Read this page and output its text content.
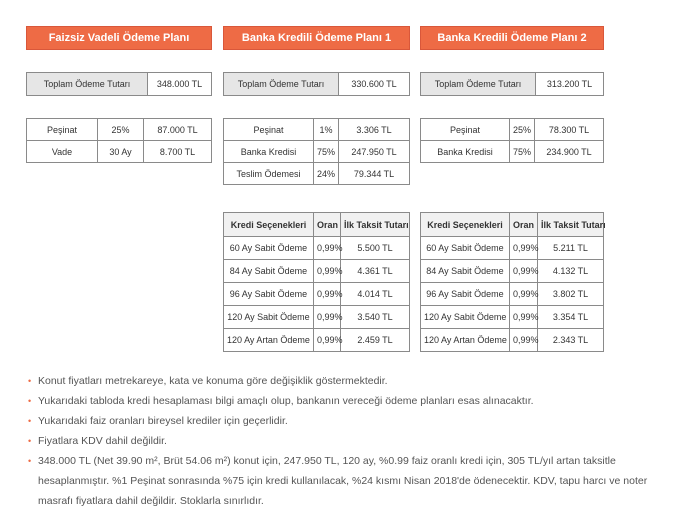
Faizsiz Vadeli Ödeme Planı
Toplam Ödeme Tutarı	348.000 TL
Peşinat	25%	87.000 TL
Vade	30 Ay	8.700 TL
Banka Kredili Ödeme Planı 1
Toplam Ödeme Tutarı	330.600 TL
Peşinat	1%	3.306 TL
Banka Kredisi	75%	247.950 TL
Teslim Ödemesi	24%	79.344 TL
Kredi Seçenekleri	Oran	İlk Taksit Tutarı
60 Ay Sabit Ödeme	0,99%	5.500 TL
84 Ay Sabit Ödeme	0,99%	4.361 TL
96 Ay Sabit Ödeme	0,99%	4.014 TL
120 Ay Sabit Ödeme	0,99%	3.540 TL
120 Ay Artan Ödeme	0,99%	2.459 TL
Banka Kredili Ödeme Planı 2
Toplam Ödeme Tutarı	313.200 TL
Peşinat	25%	78.300 TL
Banka Kredisi	75%	234.900 TL
Kredi Seçenekleri	Oran	İlk Taksit Tutarı
60 Ay Sabit Ödeme	0,99%	5.211 TL
84 Ay Sabit Ödeme	0,99%	4.132 TL
96 Ay Sabit Ödeme	0,99%	3.802 TL
120 Ay Sabit Ödeme	0,99%	3.354 TL
120 Ay Artan Ödeme	0,99%	2.343 TL
• Konut fiyatları metrekareye, kata ve konuma göre değişiklik göstermektedir.
• Yukarıdaki tabloda kredi hesaplaması bilgi amaçlı olup, bankanın vereceği ödeme planları esas alınacaktır.
• Yukarıdaki faiz oranları bireysel krediler için geçerlidir.
• Fiyatlara KDV dahil değildir.
• 348.000 TL (Net 39.90 m², Brüt 54.06 m²) konut için, 247.950 TL, 120 ay, %0.99 faiz oranlı kredi için, 305 TL/yıl artan taksitle hesaplanmıştır. %1 Peşinat sonrasında %75 için kredi kullanılacak, %24 kısmı Nisan 2018'de ödenecektir. KDV, tapu harcı ve noter masrafı fiyatlara dahil değildir. Stoklarla sınırlıdır.
